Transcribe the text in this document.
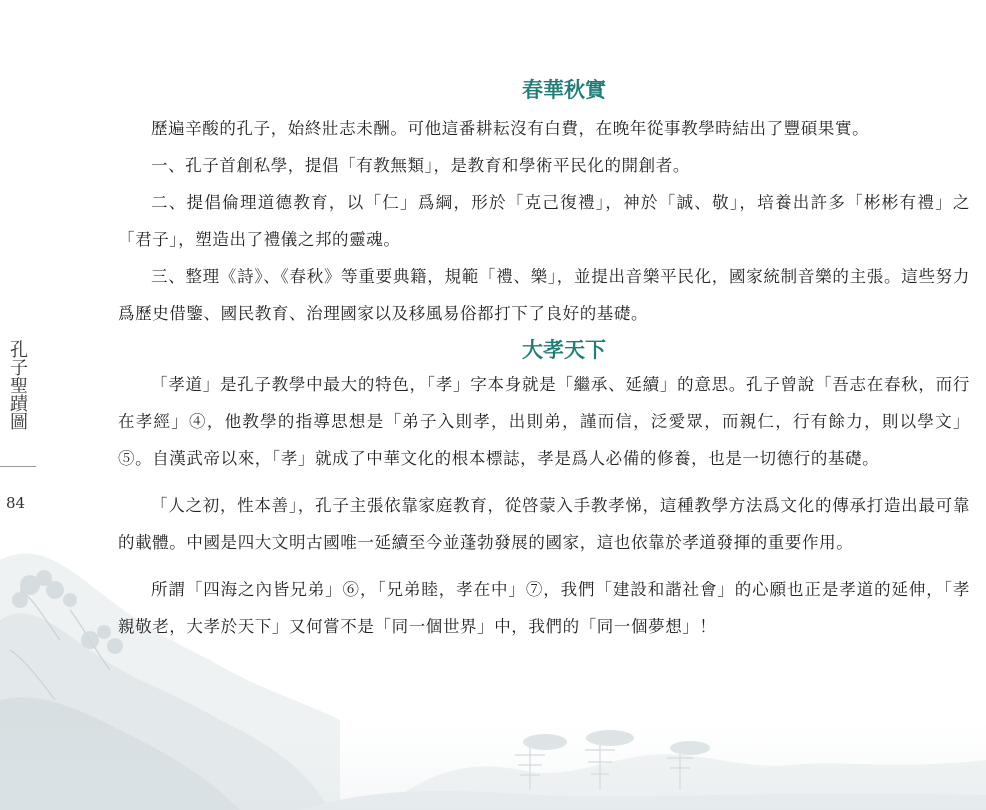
孔子聖蹟圖
84
春華秋實

歷遍辛酸的孔子，始終壯志未酬。可他這番耕耘沒有白費，在晚年從事教學時結出了豐碩果實。

一、孔子首創私學，提倡「有教無類」，是教育和學術平民化的開創者。

二、提倡倫理道德教育，以「仁」爲綱，形於「克己復禮」，神於「誠、敬」，培養出許多「彬彬有禮」之「君子」，塑造出了禮儀之邦的靈魂。

三、整理《詩》、《春秋》等重要典籍，規範「禮、樂」，並提出音樂平民化，國家統制音樂的主張。這些努力爲歷史借鑒、國民教育、治理國家以及移風易俗都打下了良好的基礎。

大孝天下

「孝道」是孔子教學中最大的特色，「孝」字本身就是「繼承、延續」的意思。孔子曾說「吾志在春秋，而行在孝經」④，他教學的指導思想是「弟子入則孝，出則弟，謹而信，泛愛眾，而親仁，行有餘力，則以學文」⑤。自漢武帝以來，「孝」就成了中華文化的根本標誌，孝是爲人必備的修養，也是一切德行的基礎。

「人之初，性本善」，孔子主張依靠家庭教育，從啓蒙入手教孝悌，這種教學方法爲文化的傳承打造出最可靠的載體。中國是四大文明古國唯一延續至今並蓬勃發展的國家，這也依靠於孝道發揮的重要作用。

所謂「四海之內皆兄弟」⑥，「兄弟睦，孝在中」⑦，我們「建設和諧社會」的心願也正是孝道的延伸，「孝親敬老，大孝於天下」又何嘗不是「同一個世界」中，我們的「同一個夢想」！
